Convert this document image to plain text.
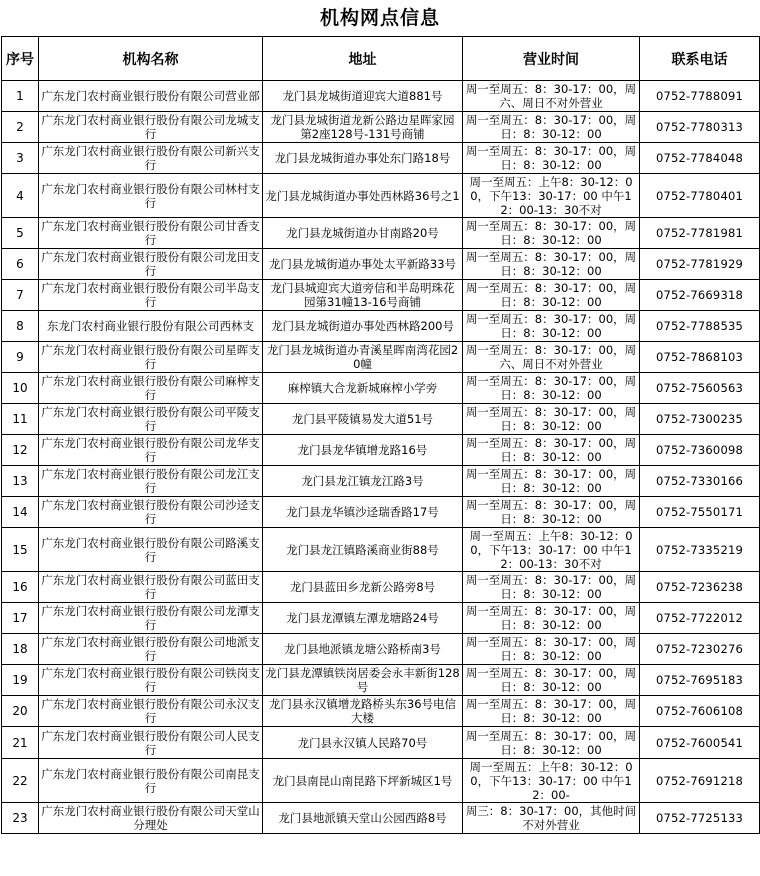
机构网点信息
序号	机构名称	地址	营业时间	联系电话
1	广东龙门农村商业银行股份有限公司营业部	龙门县龙城街道迎宾大道881号	周一至周五：8：30-17：00，周六、周日不对外营业	0752-7788091
2	广东龙门农村商业银行股份有限公司龙城支行	龙门县龙城街道龙新公路边星晖家园第2座128号-131号商铺	周一至周五：8：30-17：00，周日：8：30-12：00	0752-7780313
3	广东龙门农村商业银行股份有限公司新兴支行	龙门县龙城街道办事处东门路18号	周一至周五：8：30-17：00，周日：8：30-12：00	0752-7784048
4	广东龙门农村商业银行股份有限公司林村支行	龙门县龙城街道办事处西林路36号之1	周一至周五：上午8：30-12：00，下午13：30-17：00 中午12：00-13：30不对	0752-7780401
5	广东龙门农村商业银行股份有限公司甘香支行	龙门县龙城街道办甘南路20号	周一至周五：8：30-17：00，周日：8：30-12：00	0752-7781981
6	广东龙门农村商业银行股份有限公司龙田支行	龙门县龙城街道办事处太平新路33号	周一至周五：8：30-17：00，周日：8：30-12：00	0752-7781929
7	广东龙门农村商业银行股份有限公司半岛支行	龙门县城迎宾大道旁信和半岛明珠花园第31幢13-16号商铺	周一至周五：8：30-17：00，周日：8：30-12：00	0752-7669318
8	东龙门农村商业银行股份有限公司西林支	龙门县龙城街道办事处西林路200号	周一至周五：8：30-17：00，周日：8：30-12：00	0752-7788535
9	广东龙门农村商业银行股份有限公司星晖支行	龙门县龙城街道办青溪星晖南湾花园20幢	周一至周五：8：30-17：00，周六、周日不对外营业	0752-7868103
10	广东龙门农村商业银行股份有限公司麻榨支行	麻榨镇大合龙新城麻榨小学旁	周一至周五：8：30-17：00，周日：8：30-12：00	0752-7560563
11	广东龙门农村商业银行股份有限公司平陵支行	龙门县平陵镇易发大道51号	周一至周五：8：30-17：00，周日：8：30-12：00	0752-7300235
12	广东龙门农村商业银行股份有限公司龙华支行	龙门县龙华镇增龙路16号	周一至周五：8：30-17：00，周日：8：30-12：00	0752-7360098
13	广东龙门农村商业银行股份有限公司龙江支行	龙门县龙江镇龙江路3号	周一至周五：8：30-17：00，周日：8：30-12：00	0752-7330166
14	广东龙门农村商业银行股份有限公司沙迳支行	龙门县龙华镇沙迳瑞香路17号	周一至周五：8：30-17：00，周日：8：30-12：00	0752-7550171
15	广东龙门农村商业银行股份有限公司路溪支行	龙门县龙江镇路溪商业街88号	周一至周五：上午8：30-12：00，下午13：30-17：00 中午12：00-13：30不对	0752-7335219
16	广东龙门农村商业银行股份有限公司蓝田支行	龙门县蓝田乡龙新公路旁8号	周一至周五：8：30-17：00，周日：8：30-12：00	0752-7236238
17	广东龙门农村商业银行股份有限公司龙潭支行	龙门县龙潭镇左潭龙塘路24号	周一至周五：8：30-17：00，周日：8：30-12：00	0752-7722012
18	广东龙门农村商业银行股份有限公司地派支行	龙门县地派镇龙塘公路桥南3号	周一至周五：8：30-17：00，周日：8：30-12：00	0752-7230276
19	广东龙门农村商业银行股份有限公司铁岗支行	龙门县龙潭镇铁岗居委会永丰新街128号	周一至周五：8：30-17：00，周日：8：30-12：00	0752-7695183
20	广东龙门农村商业银行股份有限公司永汉支行	龙门县永汉镇增龙路桥头东36号电信大楼	周一至周五：8：30-17：00，周日：8：30-12：00	0752-7606108
21	广东龙门农村商业银行股份有限公司人民支行	龙门县永汉镇人民路70号	周一至周五：8：30-17：00，周日：8：30-12：00	0752-7600541
22	广东龙门农村商业银行股份有限公司南昆支行	龙门县南昆山南昆路下坪新城区1号	周一至周五：上午8：30-12：00，下午13：30-17：00 中午12：00-	0752-7691218
23	广东龙门农村商业银行股份有限公司天堂山分理处	龙门县地派镇天堂山公园西路8号	周三：8：30-17：00，其他时间不对外营业	0752-7725133
